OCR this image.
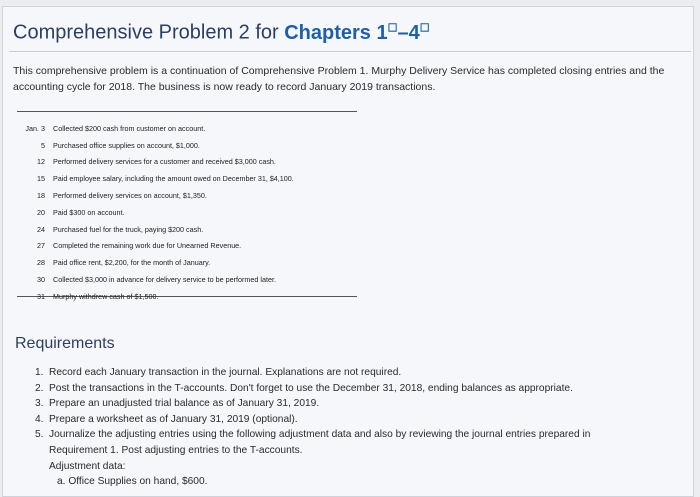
Comprehensive Problem 2 for Chapters 1☐–4☐

This comprehensive problem is a continuation of Comprehensive Problem 1. Murphy Delivery Service has completed closing entries and the accounting cycle for 2018. The business is now ready to record January 2019 transactions.

Jan. 3	Collected $200 cash from customer on account.
5	Purchased office supplies on account, $1,000.
12	Performed delivery services for a customer and received $3,000 cash.
15	Paid employee salary, including the amount owed on December 31, $4,100.
18	Performed delivery services on account, $1,350.
20	Paid $300 on account.
24	Purchased fuel for the truck, paying $200 cash.
27	Completed the remaining work due for Unearned Revenue.
28	Paid office rent, $2,200, for the month of January.
30	Collected $3,000 in advance for delivery service to be performed later.
31	Murphy withdrew cash of $1,500.
Requirements
1. Record each January transaction in the journal. Explanations are not required.
2. Post the transactions in the T-accounts. Don't forget to use the December 31, 2018, ending balances as appropriate.
3. Prepare an unadjusted trial balance as of January 31, 2019.
4. Prepare a worksheet as of January 31, 2019 (optional).
5. Journalize the adjusting entries using the following adjustment data and also by reviewing the journal entries prepared in
Requirement 1. Post adjusting entries to the T-accounts.
Adjustment data:
a. Office Supplies on hand, $600.
